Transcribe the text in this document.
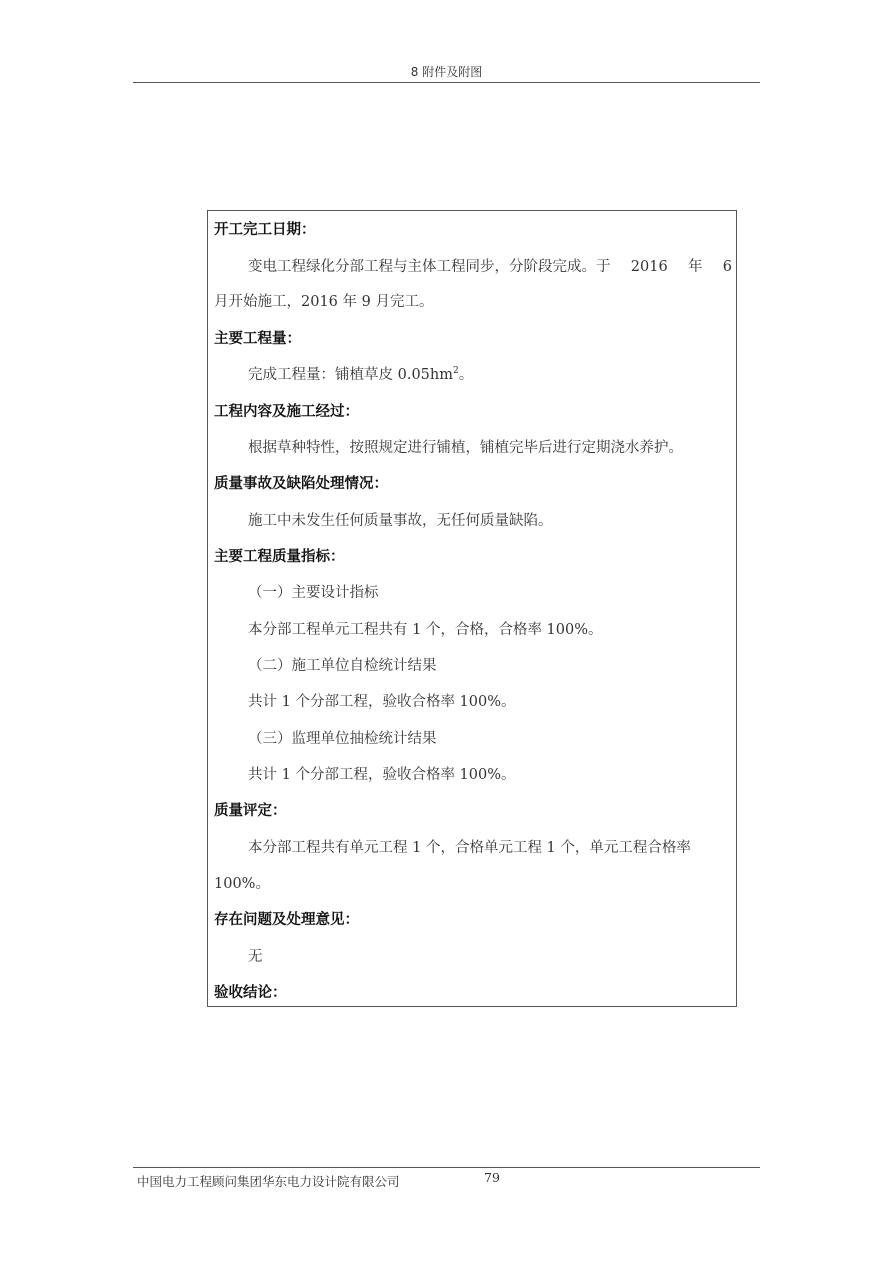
8 附件及附图
开工完工日期：
变电工程绿化分部工程与主体工程同步，分阶段完成。于 2016 年 6
月开始施工，2016 年 9 月完工。
主要工程量：
完成工程量：铺植草皮 $0.05hm^2$。
工程内容及施工经过：
根据草种特性，按照规定进行铺植，铺植完毕后进行定期浇水养护。
质量事故及缺陷处理情况：
施工中未发生任何质量事故，无任何质量缺陷。
主要工程质量指标：
（一）主要设计指标
本分部工程单元工程共有 1 个，合格，合格率 100%。
（二）施工单位自检统计结果
共计 1 个分部工程，验收合格率 100%。
（三）监理单位抽检统计结果
共计 1 个分部工程，验收合格率 100%。
质量评定：
本分部工程共有单元工程 1 个，合格单元工程 1 个，单元工程合格率
100%。
存在问题及处理意见：
无
验收结论：
中国电力工程顾问集团华东电力设计院有限公司	79
